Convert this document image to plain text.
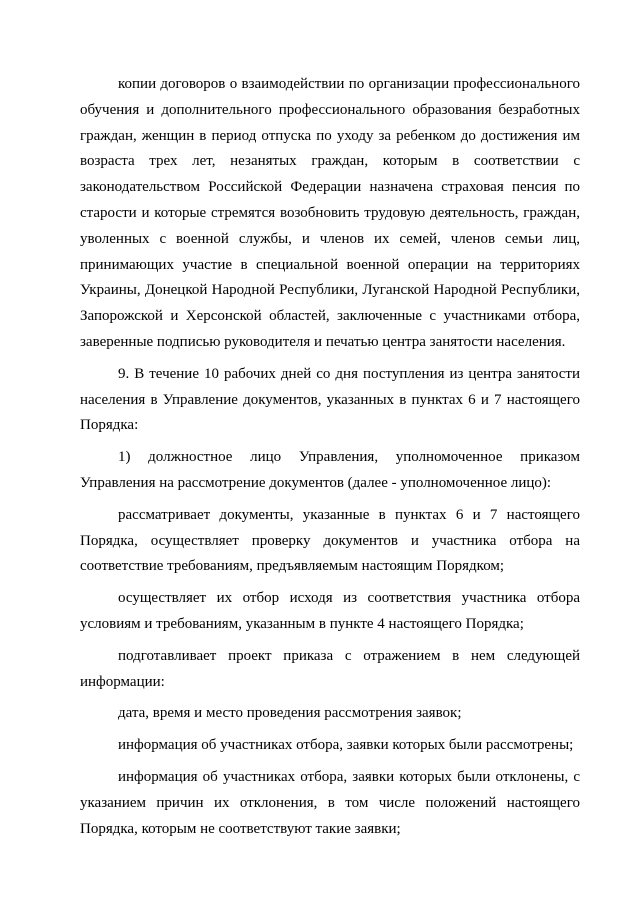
копии договоров о взаимодействии по организации профессионального обучения и дополнительного профессионального образования безработных граждан, женщин в период отпуска по уходу за ребенком до достижения им возраста трех лет, незанятых граждан, которым в соответствии с законодательством Российской Федерации назначена страховая пенсия по старости и которые стремятся возобновить трудовую деятельность, граждан, уволенных с военной службы, и членов их семей, членов семьи лиц, принимающих участие в специальной военной операции на территориях Украины, Донецкой Народной Республики, Луганской Народной Республики, Запорожской и Херсонской областей, заключенные с участниками отбора, заверенные подписью руководителя и печатью центра занятости населения.

9. В течение 10 рабочих дней со дня поступления из центра занятости населения в Управление документов, указанных в пунктах 6 и 7 настоящего Порядка:

1) должностное лицо Управления, уполномоченное приказом Управления на рассмотрение документов (далее - уполномоченное лицо):

рассматривает документы, указанные в пунктах 6 и 7 настоящего Порядка, осуществляет проверку документов и участника отбора на соответствие требованиям, предъявляемым настоящим Порядком;

осуществляет их отбор исходя из соответствия участника отбора условиям и требованиям, указанным в пункте 4 настоящего Порядка;

подготавливает проект приказа с отражением в нем следующей информации:

дата, время и место проведения рассмотрения заявок;

информация об участниках отбора, заявки которых были рассмотрены;

информация об участниках отбора, заявки которых были отклонены, с указанием причин их отклонения, в том числе положений настоящего Порядка, которым не соответствуют такие заявки;
